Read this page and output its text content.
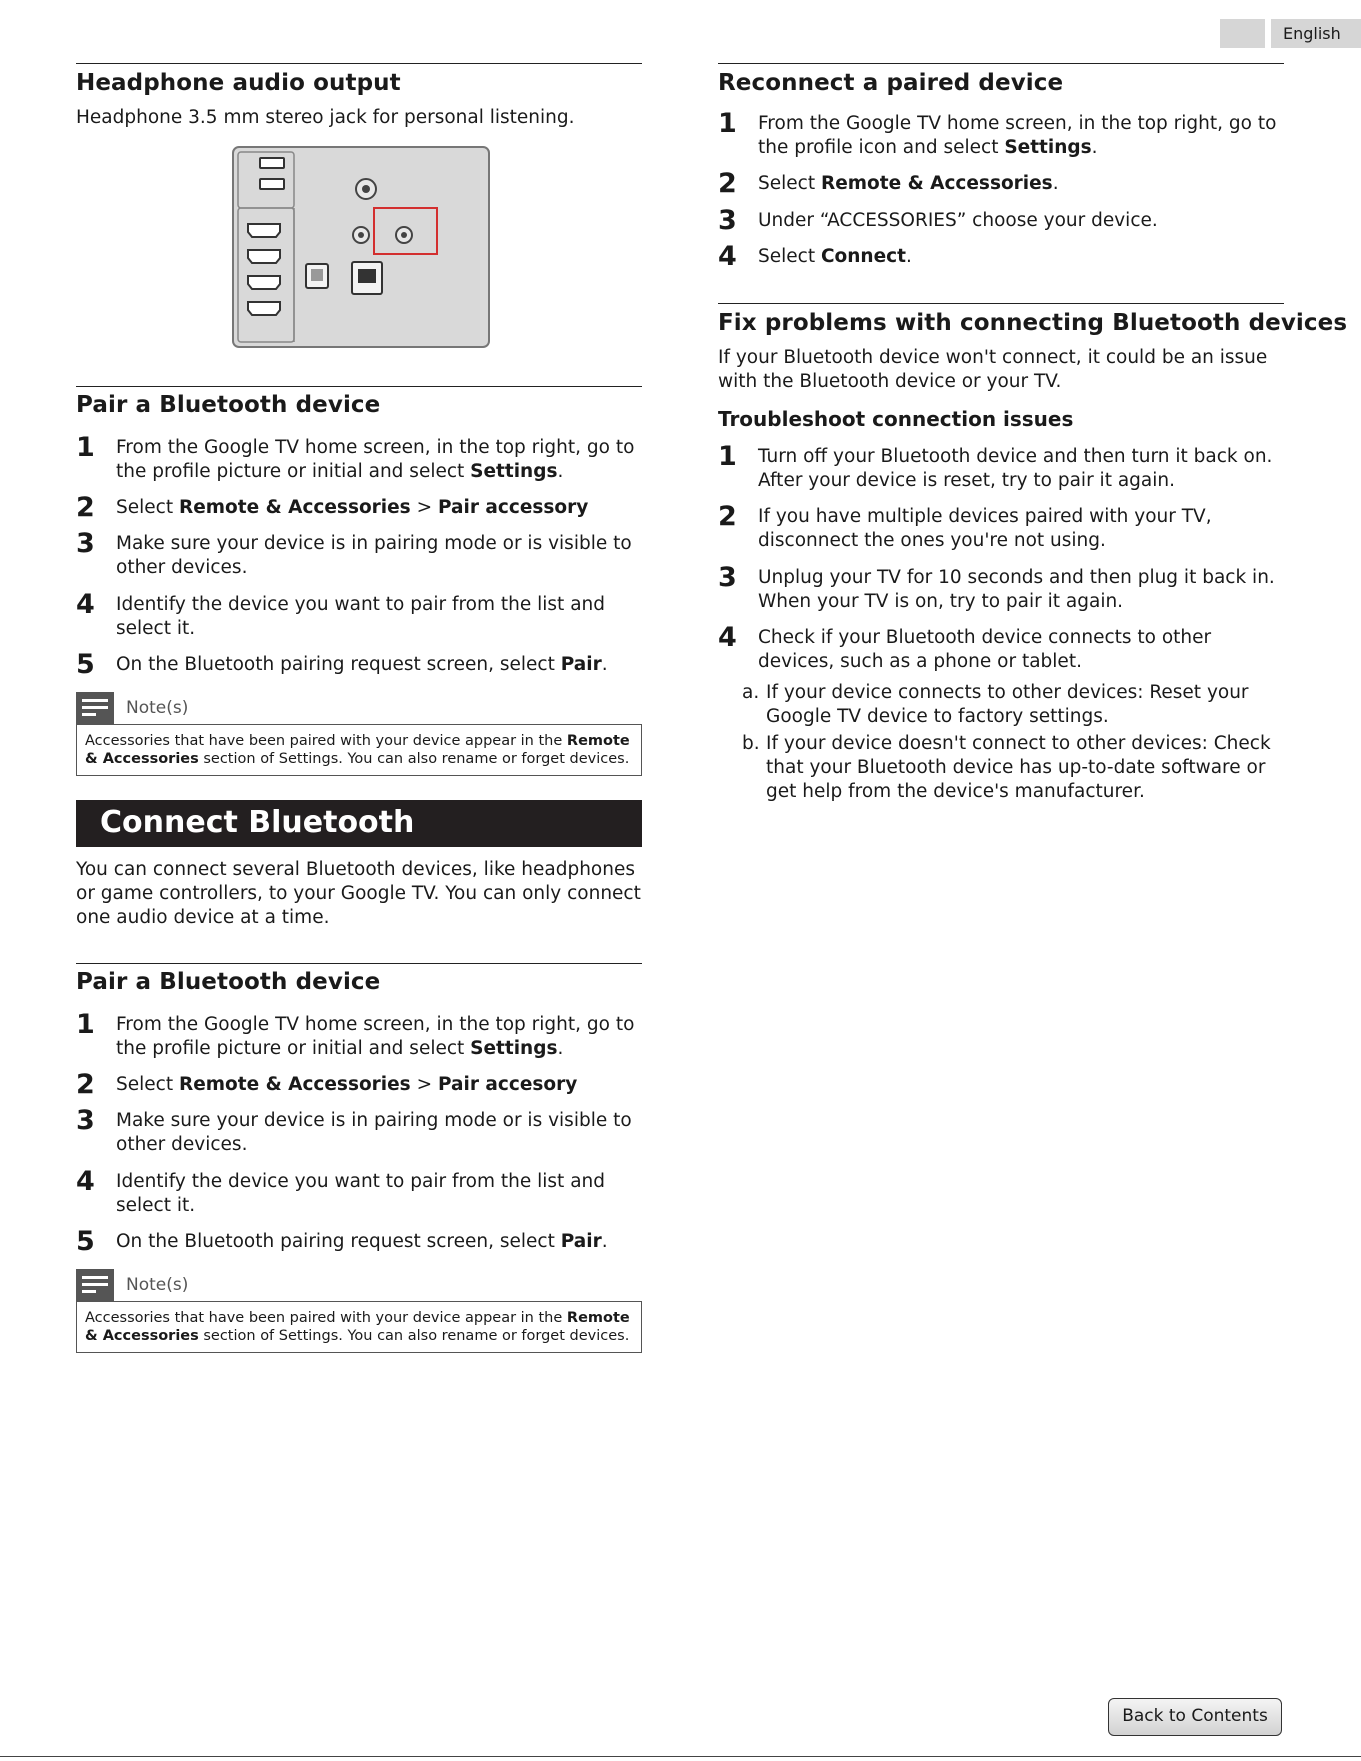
English
Headphone audio output
Headphone 3.5 mm stereo jack for personal listening.
Pair a Bluetooth device
1 From the Google TV home screen, in the top right, go to the profile picture or initial and select Settings.
2 Select Remote & Accessories > Pair accessory
3 Make sure your device is in pairing mode or is visible to other devices.
4 Identify the device you want to pair from the list and select it.
5 On the Bluetooth pairing request screen, select Pair.
Note(s)
Accessories that have been paired with your device appear in the Remote & Accessories section of Settings. You can also rename or forget devices.
Connect Bluetooth
You can connect several Bluetooth devices, like headphones or game controllers, to your Google TV. You can only connect one audio device at a time.
Pair a Bluetooth device
1 From the Google TV home screen, in the top right, go to the profile picture or initial and select Settings.
2 Select Remote & Accessories > Pair accesory
3 Make sure your device is in pairing mode or is visible to other devices.
4 Identify the device you want to pair from the list and select it.
5 On the Bluetooth pairing request screen, select Pair.
Note(s)
Accessories that have been paired with your device appear in the Remote & Accessories section of Settings. You can also rename or forget devices.
Reconnect a paired device
1 From the Google TV home screen, in the top right, go to the profile icon and select Settings.
2 Select Remote & Accessories.
3 Under “ACCESSORIES” choose your device.
4 Select Connect.
Fix problems with connecting Bluetooth devices
If your Bluetooth device won't connect, it could be an issue with the Bluetooth device or your TV.
Troubleshoot connection issues
1 Turn off your Bluetooth device and then turn it back on. After your device is reset, try to pair it again.
2 If you have multiple devices paired with your TV, disconnect the ones you're not using.
3 Unplug your TV for 10 seconds and then plug it back in. When your TV is on, try to pair it again.
4 Check if your Bluetooth device connects to other devices, such as a phone or tablet.
a. If your device connects to other devices: Reset your Google TV device to factory settings.
b. If your device doesn't connect to other devices: Check that your Bluetooth device has up-to-date software or get help from the device's manufacturer.
Back to Contents
